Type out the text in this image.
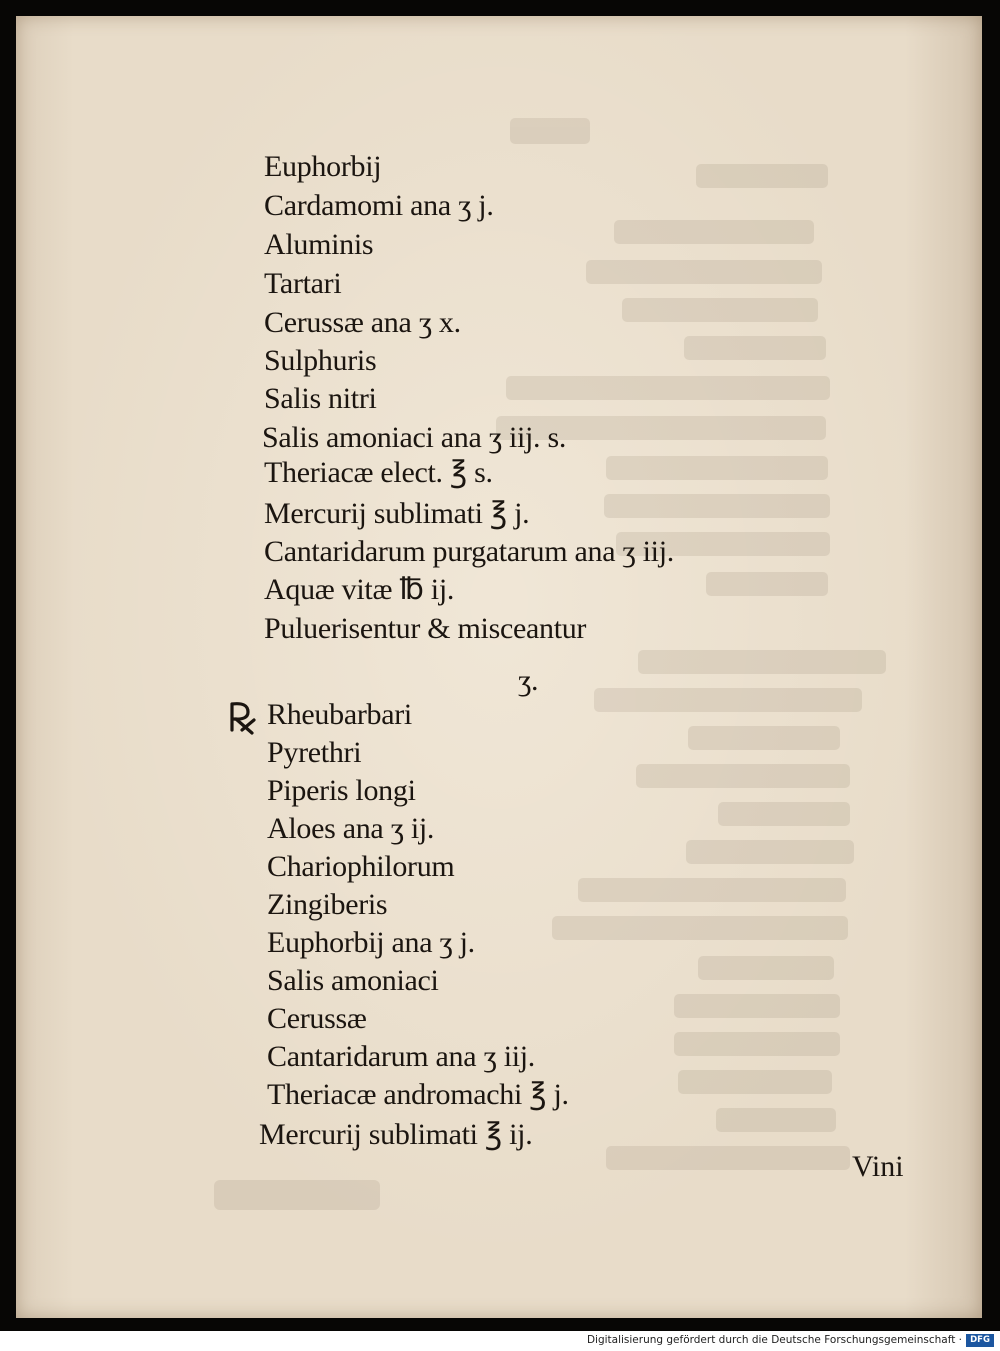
Euphorbij
Cardamomi ana ʒ j.
Aluminis
Tartari
Cerussæ ana ʒ x.
Sulphuris
Salis nitri
Salis amoniaci ana ʒ iij. s.
Theriacæ elect. ℥ s.
Mercurij sublimati ℥ j.
Cantaridarum purgatarum ana ʒ iij.
Aquæ vitæ ℔ ij.
Puluerisentur & misceantur
ʒ.
Rheubarbari
Pyrethri
Piperis longi
Aloes ana ʒ ij.
Chariophilorum
Zingiberis
Euphorbij ana ʒ j.
Salis amoniaci
Cerussæ
Cantaridarum ana ʒ iij.
Theriacæ andromachi ℥ j.
Mercurij sublimati ℥ ij.
Vini
Digitalisierung gefördert durch die Deutsche Forschungsgemeinschaft · DFG
